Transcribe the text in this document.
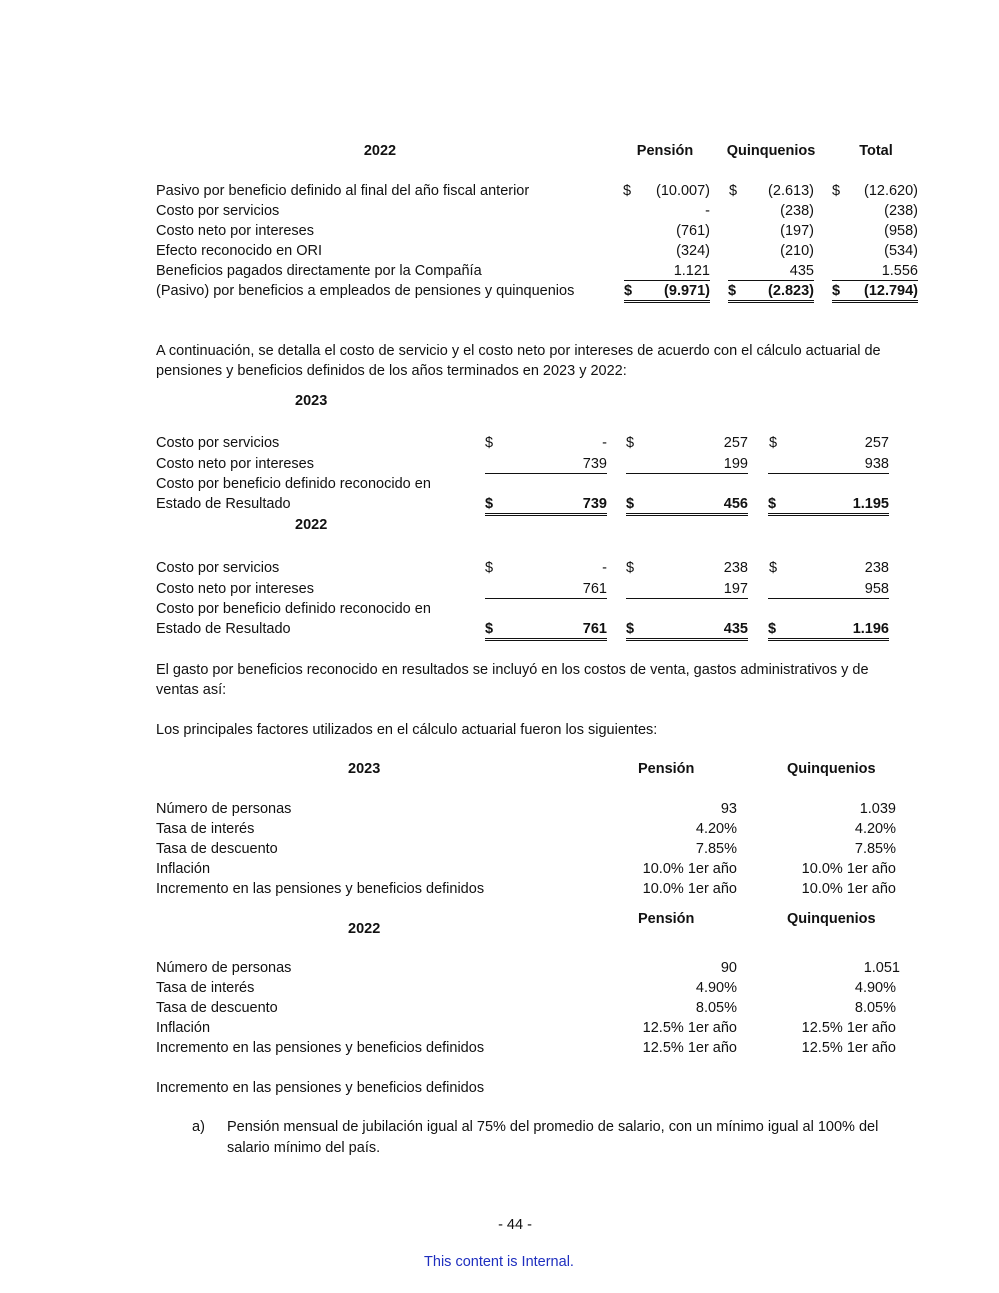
2022	Pensión	Quinquenios	Total
Pasivo por beneficio definido al final del año fiscal anterior	$	(10.007) $	(2.613) $	(12.620)
Costo por servicios	-	(238)	(238)
Costo neto por intereses	(761)	(197)	(958)
Efecto reconocido en ORI	(324)	(210)	(534)
Beneficios pagados directamente por la Compañía	1.121	435	1.556
(Pasivo) por beneficios a empleados de pensiones y quinquenios	$ (9.971) $ (2.823) $ (12.794)
A continuación, se detalla el costo de servicio y el costo neto por intereses de acuerdo con el cálculo actuarial de pensiones y beneficios definidos de los años terminados en 2023 y 2022:
2023
Costo por servicios	$	- $	257 $	257
Costo neto por intereses	739	199	938
Costo por beneficio definido reconocido en
Estado de Resultado	$	739 $	456 $	1.195
2022
Costo por servicios	$	- $	238 $	238
Costo neto por intereses	761	197	958
Costo por beneficio definido reconocido en
Estado de Resultado	$	761 $	435 $	1.196
El gasto por beneficios reconocido en resultados se incluyó en los costos de venta, gastos administrativos y de ventas así:
Los principales factores utilizados en el cálculo actuarial fueron los siguientes:
2023	Pensión	Quinquenios
Número de personas	93	1.039
Tasa de interés	4.20%	4.20%
Tasa de descuento	7.85%	7.85%
Inflación	10.0% 1er año	10.0% 1er año
Incremento en las pensiones y beneficios definidos	10.0% 1er año	10.0% 1er año
Pensión	Quinquenios
2022
Número de personas	90	1.051
Tasa de interés	4.90%	4.90%
Tasa de descuento	8.05%	8.05%
Inflación	12.5% 1er año	12.5% 1er año
Incremento en las pensiones y beneficios definidos	12.5% 1er año	12.5% 1er año
Incremento en las pensiones y beneficios definidos
a) Pensión mensual de jubilación igual al 75% del promedio de salario, con un mínimo igual al 100% del
salario mínimo del país.
- 44 -
This content is Internal.
